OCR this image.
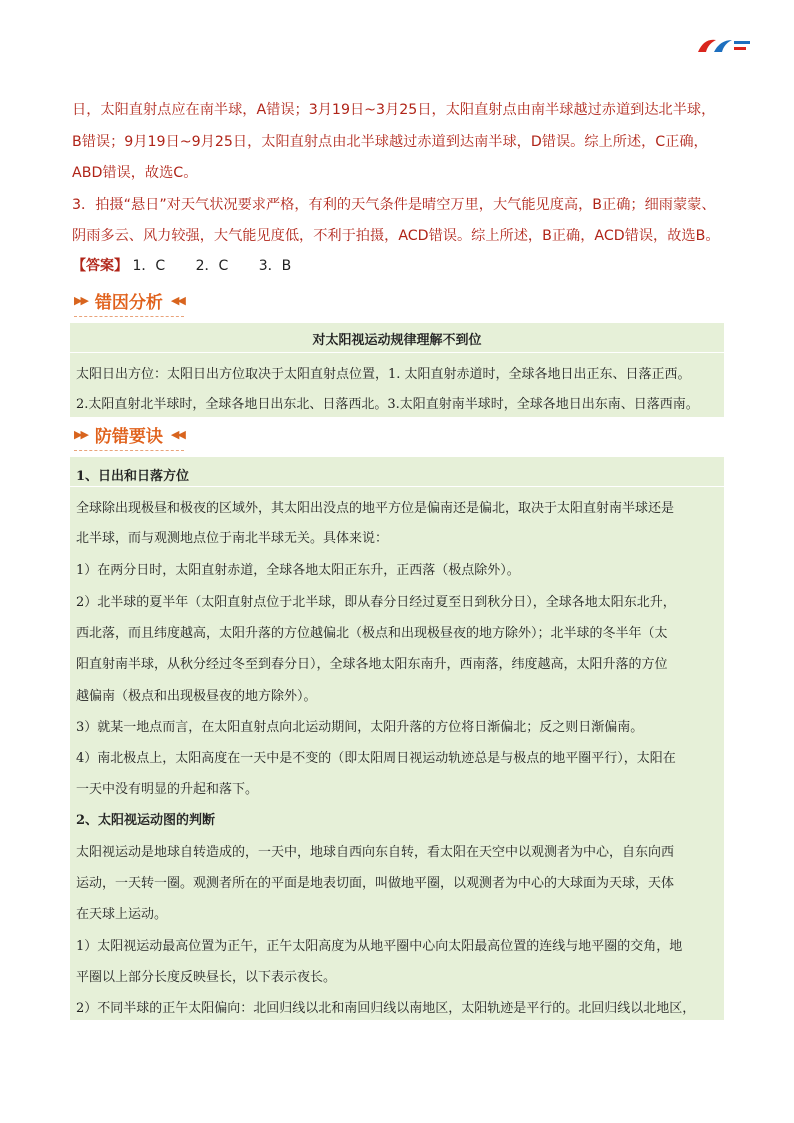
日，太阳直射点应在南半球，A错误；3月19日~3月25日，太阳直射点由南半球越过赤道到达北半球，B错误；9月19日~9月25日，太阳直射点由北半球越过赤道到达南半球，D错误。综上所述，C正确，ABD错误，故选C。

3．拍摄“悬日”对天气状况要求严格，有利的天气条件是晴空万里，大气能见度高，B正确；细雨蒙蒙、阴雨多云、风力较强，大气能见度低，不利于拍摄，ACD错误。综上所述，B正确，ACD错误，故选B。

【答案】 1．C 2．C 3．B
▶▶ 错因分析 ◀◀
对太阳视运动规律理解不到位
太阳日出方位：太阳日出方位取决于太阳直射点位置，1. 太阳直射赤道时，全球各地日出正东、日落正西。
2.太阳直射北半球时，全球各地日出东北、日落西北。3.太阳直射南半球时，全球各地日出东南、日落西南。
▶▶ 防错要诀 ◀◀
1、日出和日落方位
全球除出现极昼和极夜的区域外，其太阳出没点的地平方位是偏南还是偏北，取决于太阳直射南半球还是
北半球，而与观测地点位于南北半球无关。具体来说：
1）在两分日时，太阳直射赤道，全球各地太阳正东升，正西落（极点除外）。
2）北半球的夏半年（太阳直射点位于北半球，即从春分日经过夏至日到秋分日），全球各地太阳东北升，
西北落，而且纬度越高，太阳升落的方位越偏北（极点和出现极昼夜的地方除外）；北半球的冬半年（太
阳直射南半球，从秋分经过冬至到春分日），全球各地太阳东南升，西南落，纬度越高，太阳升落的方位
越偏南（极点和出现极昼夜的地方除外）。
3）就某一地点而言，在太阳直射点向北运动期间，太阳升落的方位将日渐偏北；反之则日渐偏南。
4）南北极点上，太阳高度在一天中是不变的（即太阳周日视运动轨迹总是与极点的地平圈平行），太阳在
一天中没有明显的升起和落下。
2、太阳视运动图的判断
太阳视运动是地球自转造成的，一天中，地球自西向东自转，看太阳在天空中以观测者为中心，自东向西
运动，一天转一圈。观测者所在的平面是地表切面，叫做地平圈，以观测者为中心的大球面为天球，天体
在天球上运动。
1）太阳视运动最高位置为正午，正午太阳高度为从地平圈中心向太阳最高位置的连线与地平圈的交角，地
平圈以上部分长度反映昼长，以下表示夜长。
2）不同半球的正午太阳偏向：北回归线以北和南回归线以南地区，太阳轨迹是平行的。北回归线以北地区，
